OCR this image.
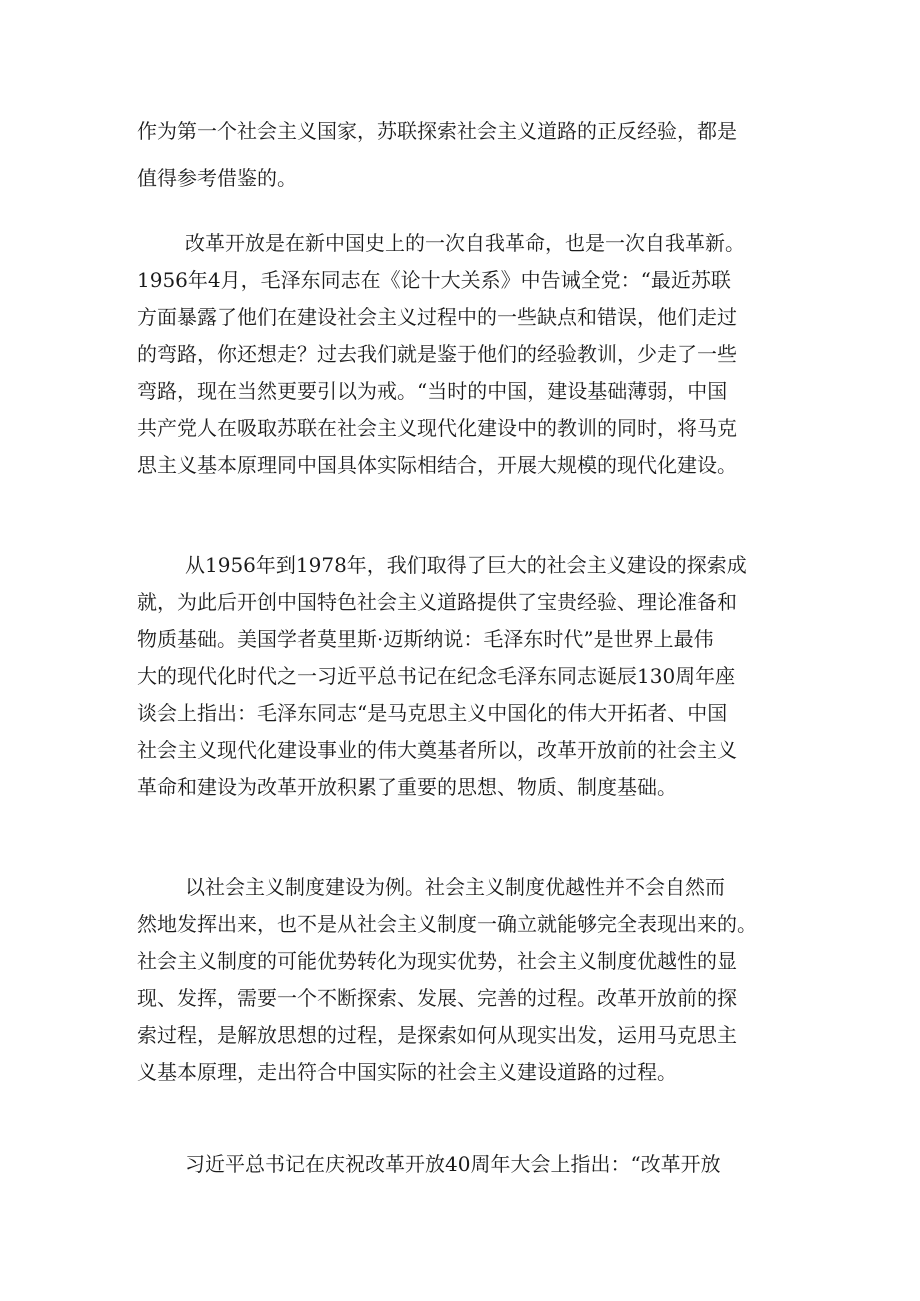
作为第一个社会主义国家，苏联探索社会主义道路的正反经验，都是
值得参考借鉴的。
改革开放是在新中国史上的一次自我革命，也是一次自我革新。
1956年4月，毛泽东同志在《论十大关系》中告诫全党：“最近苏联
方面暴露了他们在建设社会主义过程中的一些缺点和错误，他们走过
的弯路，你还想走？过去我们就是鉴于他们的经验教训，少走了一些
弯路，现在当然更要引以为戒。“当时的中国，建设基础薄弱，中国
共产党人在吸取苏联在社会主义现代化建设中的教训的同时，将马克
思主义基本原理同中国具体实际相结合，开展大规模的现代化建设。
从1956年到1978年，我们取得了巨大的社会主义建设的探索成
就，为此后开创中国特色社会主义道路提供了宝贵经验、理论准备和
物质基础。美国学者莫里斯·迈斯纳说：毛泽东时代”是世界上最伟
大的现代化时代之一习近平总书记在纪念毛泽东同志诞辰130周年座
谈会上指出：毛泽东同志“是马克思主义中国化的伟大开拓者、中国
社会主义现代化建设事业的伟大奠基者所以，改革开放前的社会主义
革命和建设为改革开放积累了重要的思想、物质、制度基础。
以社会主义制度建设为例。社会主义制度优越性并不会自然而
然地发挥出来，也不是从社会主义制度一确立就能够完全表现出来的。
社会主义制度的可能优势转化为现实优势，社会主义制度优越性的显
现、发挥，需要一个不断探索、发展、完善的过程。改革开放前的探
索过程，是解放思想的过程，是探索如何从现实出发，运用马克思主
义基本原理，走出符合中国实际的社会主义建设道路的过程。
习近平总书记在庆祝改革开放40周年大会上指出：“改革开放
